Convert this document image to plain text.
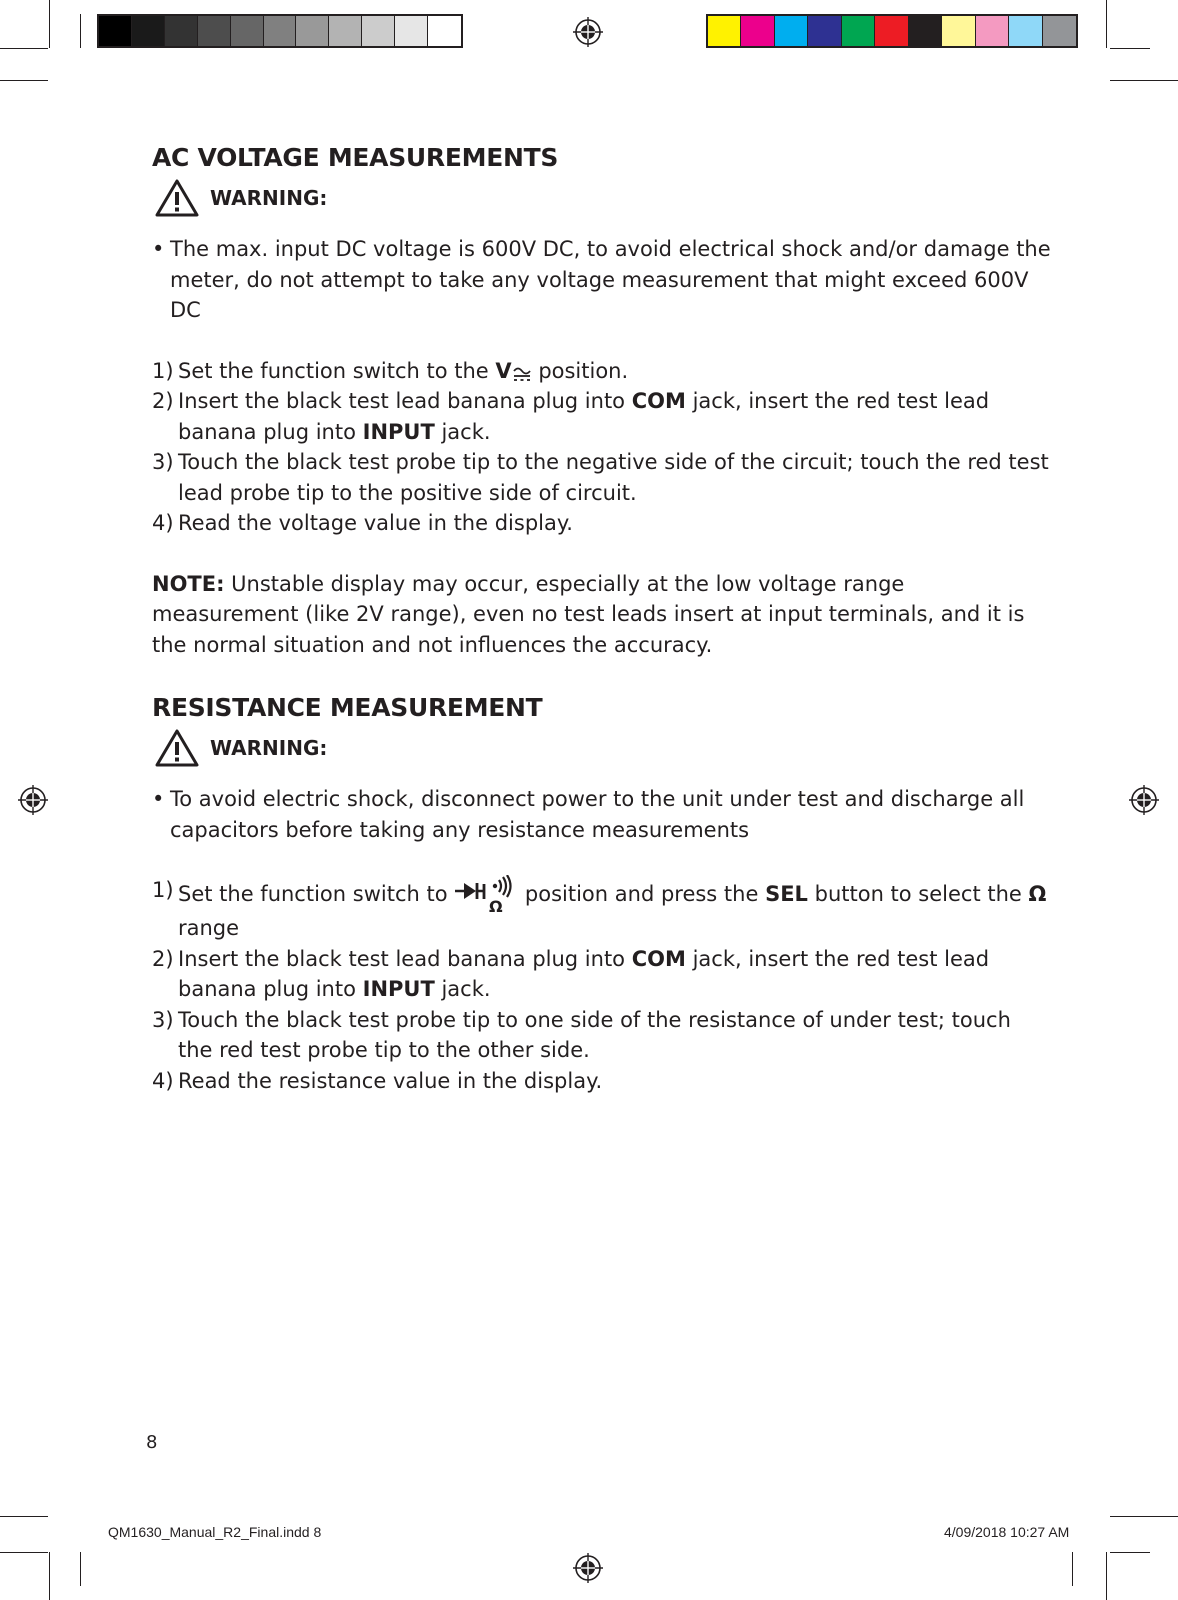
AC VOLTAGE MEASUREMENTS
WARNING:
• The max. input DC voltage is 600V DC, to avoid electrical shock and/or damage the meter, do not attempt to take any voltage measurement that might exceed 600V DC
1) Set the function switch to the V position.
2) Insert the black test lead banana plug into COM jack, insert the red test lead banana plug into INPUT jack.
3) Touch the black test probe tip to the negative side of the circuit; touch the red test lead probe tip to the positive side of circuit.
4) Read the voltage value in the display.
NOTE: Unstable display may occur, especially at the low voltage range measurement (like 2V range), even no test leads insert at input terminals, and it is the normal situation and not influences the accuracy.
RESISTANCE MEASUREMENT
WARNING:
• To avoid electric shock, disconnect power to the unit under test and discharge all capacitors before taking any resistance measurements
1) Set the function switch to
Ω
position and press the SEL button to select the Ω range
2) Insert the black test lead banana plug into COM jack, insert the red test lead banana plug into INPUT jack.
3) Touch the black test probe tip to one side of the resistance of under test; touch the red test probe tip to the other side.
4) Read the resistance value in the display.
8
QM1630_Manual_R2_Final.indd 8	4/09/2018 10:27 AM
